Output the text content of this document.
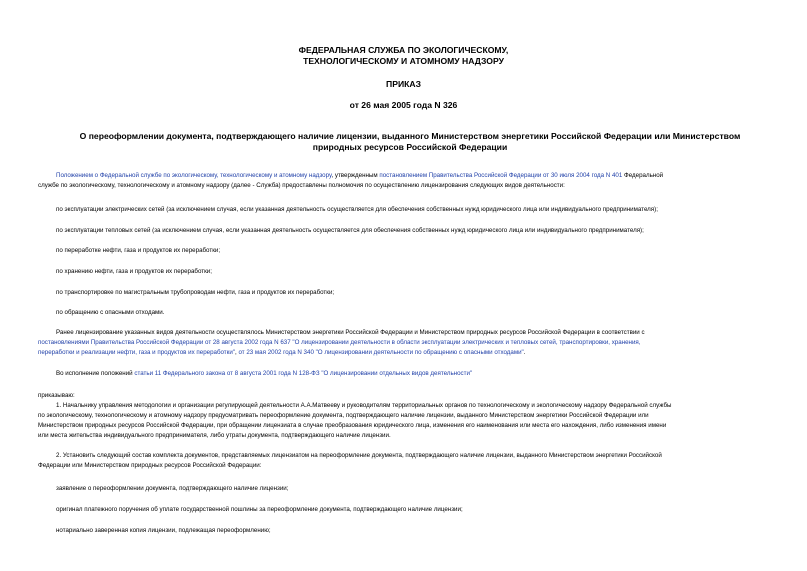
ФЕДЕРАЛЬНАЯ СЛУЖБА ПО ЭКОЛОГИЧЕСКОМУ,
ТЕХНОЛОГИЧЕСКОМУ И АТОМНОМУ НАДЗОРУ
ПРИКАЗ
от 26 мая 2005 года N 326
О переоформлении документа, подтверждающего наличие лицензии, выданного Министерством энергетики Российской Федерации или Министерством
природных ресурсов Российской Федерации
Положением о Федеральной службе по экологическому, технологическому и атомному надзору, утвержденным постановлением Правительства Российской Федерации от 30 июля 2004 года N 401 Федеральной
службе по экологическому, технологическому и атомному надзору (далее - Служба) предоставлены полномочия по осуществлению лицензирования следующих видов деятельности:
по эксплуатации электрических сетей (за исключением случая, если указанная деятельность осуществляется для обеспечения собственных нужд юридического лица или индивидуального предпринимателя);
по эксплуатации тепловых сетей (за исключением случая, если указанная деятельность осуществляется для обеспечения собственных нужд юридического лица или индивидуального предпринимателя);
по переработке нефти, газа и продуктов их переработки;
по хранению нефти, газа и продуктов их переработки;
по транспортировке по магистральным трубопроводам нефти, газа и продуктов их переработки;
по обращению с опасными отходами.
Ранее лицензирование указанных видов деятельности осуществлялось Министерством энергетики Российской Федерации и Министерством природных ресурсов Российской Федерации в соответствии с
постановлениями Правительства Российской Федерации от 28 августа 2002 года N 637 "О лицензировании деятельности в области эксплуатации электрических и тепловых сетей, транспортировки, хранения,
переработки и реализации нефти, газа и продуктов их переработки", от 23 мая 2002 года N 340 "О лицензировании деятельности по обращению с опасными отходами".
Во исполнение положений статьи 11 Федерального закона от 8 августа 2001 года N 128-ФЗ "О лицензировании отдельных видов деятельности"
приказываю:
1. Начальнику управления методологии и организации регулирующей деятельности А.А.Матвееву и руководителям территориальных органов по технологическому и экологическому надзору Федеральной службы
по экологическому, технологическому и атомному надзору предусматривать переоформление документа, подтверждающего наличие лицензии, выданного Министерством энергетики Российской Федерации или
Министерством природных ресурсов Российской Федерации, при обращении лицензиата в случае преобразования юридического лица, изменения его наименования или места его нахождения, либо изменения имени
или места жительства индивидуального предпринимателя, либо утраты документа, подтверждающего наличие лицензии.
2. Установить следующий состав комплекта документов, представляемых лицензиатом на переоформление документа, подтверждающего наличие лицензии, выданного Министерством энергетики Российской
Федерации или Министерством природных ресурсов Российской Федерации:
заявление о переоформлении документа, подтверждающего наличие лицензии;
оригинал платежного поручения об уплате государственной пошлины за переоформление документа, подтверждающего наличие лицензии;
нотариально заверенная копия лицензии, подлежащая переоформлению;
